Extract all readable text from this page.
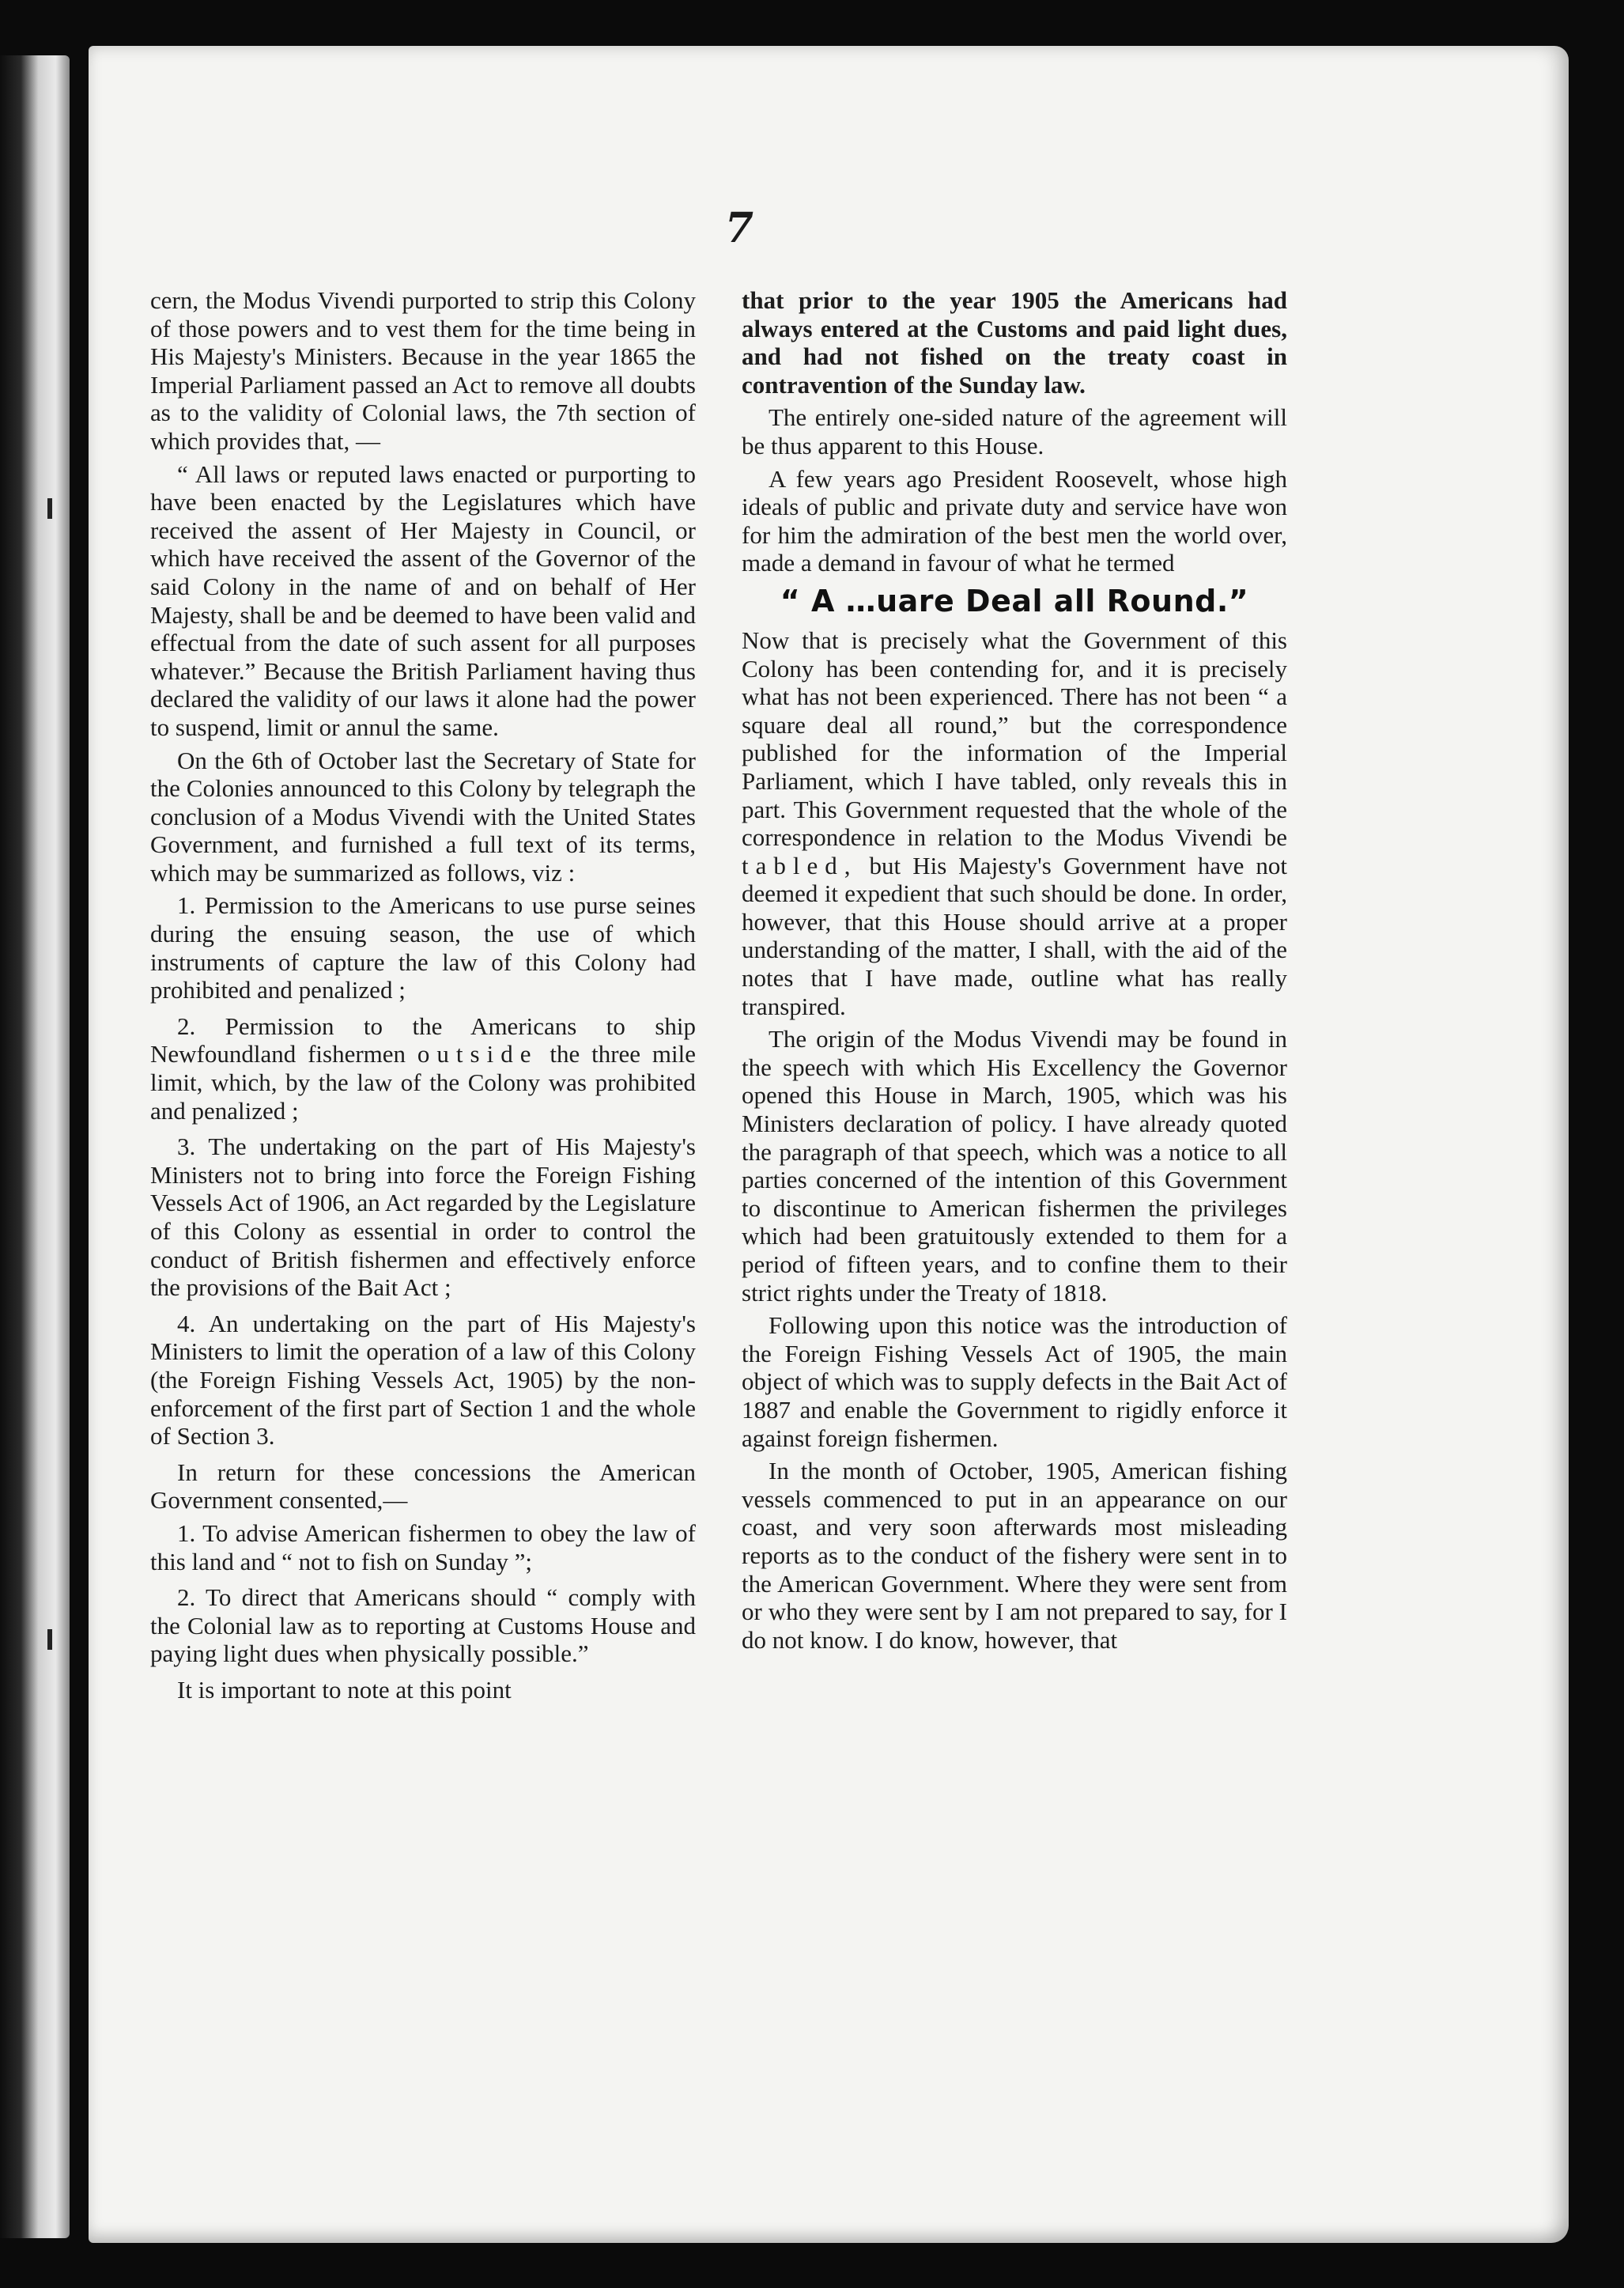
7

cern, the Modus Vivendi purported to strip this Colony of those powers and to vest them for the time being in His Majesty's Ministers. Because in the year 1865 the Imperial Parliament passed an Act to remove all doubts as to the validity of Colonial laws, the 7th section of which provides that, —

“ All laws or reputed laws enacted or purporting to have been enacted by the Legislatures which have received the assent of Her Majesty in Council, or which have received the assent of the Governor of the said Colony in the name of and on behalf of Her Majesty, shall be and be deemed to have been valid and effectual from the date of such assent for all purposes whatever.” Because the British Parliament having thus declared the validity of our laws it alone had the power to suspend, limit or annul the same.

On the 6th of October last the Secretary of State for the Colonies announced to this Colony by telegraph the conclusion of a Modus Vivendi with the United States Government, and furnished a full text of its terms, which may be summarized as follows, viz :

1. Permission to the Americans to use purse seines during the ensuing season, the use of which instruments of capture the law of this Colony had prohibited and penalized ;

2. Permission to the Americans to ship Newfoundland fishermen outside the three mile limit, which, by the law of the Colony was prohibited and penalized ;

3. The undertaking on the part of His Majesty's Ministers not to bring into force the Foreign Fishing Vessels Act of 1906, an Act regarded by the Legislature of this Colony as essential in order to control the conduct of British fishermen and effectively enforce the provisions of the Bait Act ;

4. An undertaking on the part of His Majesty's Ministers to limit the operation of a law of this Colony (the Foreign Fishing Vessels Act, 1905) by the non-enforcement of the first part of Section 1 and the whole of Section 3.

In return for these concessions the American Government consented,—

1. To advise American fishermen to obey the law of this land and “ not to fish on Sunday ”;

2. To direct that Americans should “ comply with the Colonial law as to reporting at Customs House and paying light dues when physically possible.”

It is important to note at this point

that prior to the year 1905 the Americans had always entered at the Customs and paid light dues, and had not fished on the treaty coast in contravention of the Sunday law.

The entirely one-sided nature of the agreement will be thus apparent to this House.

A few years ago President Roosevelt, whose high ideals of public and private duty and service have won for him the admiration of the best men the world over, made a demand in favour of what he termed

“ A …uare Deal all Round.”

Now that is precisely what the Government of this Colony has been contending for, and it is precisely what has not been experienced. There has not been “ a square deal all round,” but the correspondence published for the information of the Imperial Parliament, which I have tabled, only reveals this in part. This Government requested that the whole of the correspondence in relation to the Modus Vivendi be tabled, but His Majesty's Government have not deemed it expedient that such should be done. In order, however, that this House should arrive at a proper understanding of the matter, I shall, with the aid of the notes that I have made, outline what has really transpired.

The origin of the Modus Vivendi may be found in the speech with which His Excellency the Governor opened this House in March, 1905, which was his Ministers declaration of policy. I have already quoted the paragraph of that speech, which was a notice to all parties concerned of the intention of this Government to discontinue to American fishermen the privileges which had been gratuitously extended to them for a period of fifteen years, and to confine them to their strict rights under the Treaty of 1818.

Following upon this notice was the introduction of the Foreign Fishing Vessels Act of 1905, the main object of which was to supply defects in the Bait Act of 1887 and enable the Government to rigidly enforce it against foreign fishermen.

In the month of October, 1905, American fishing vessels commenced to put in an appearance on our coast, and very soon afterwards most misleading reports as to the conduct of the fishery were sent in to the American Government. Where they were sent from or who they were sent by I am not prepared to say, for I do not know. I do know, however, that
